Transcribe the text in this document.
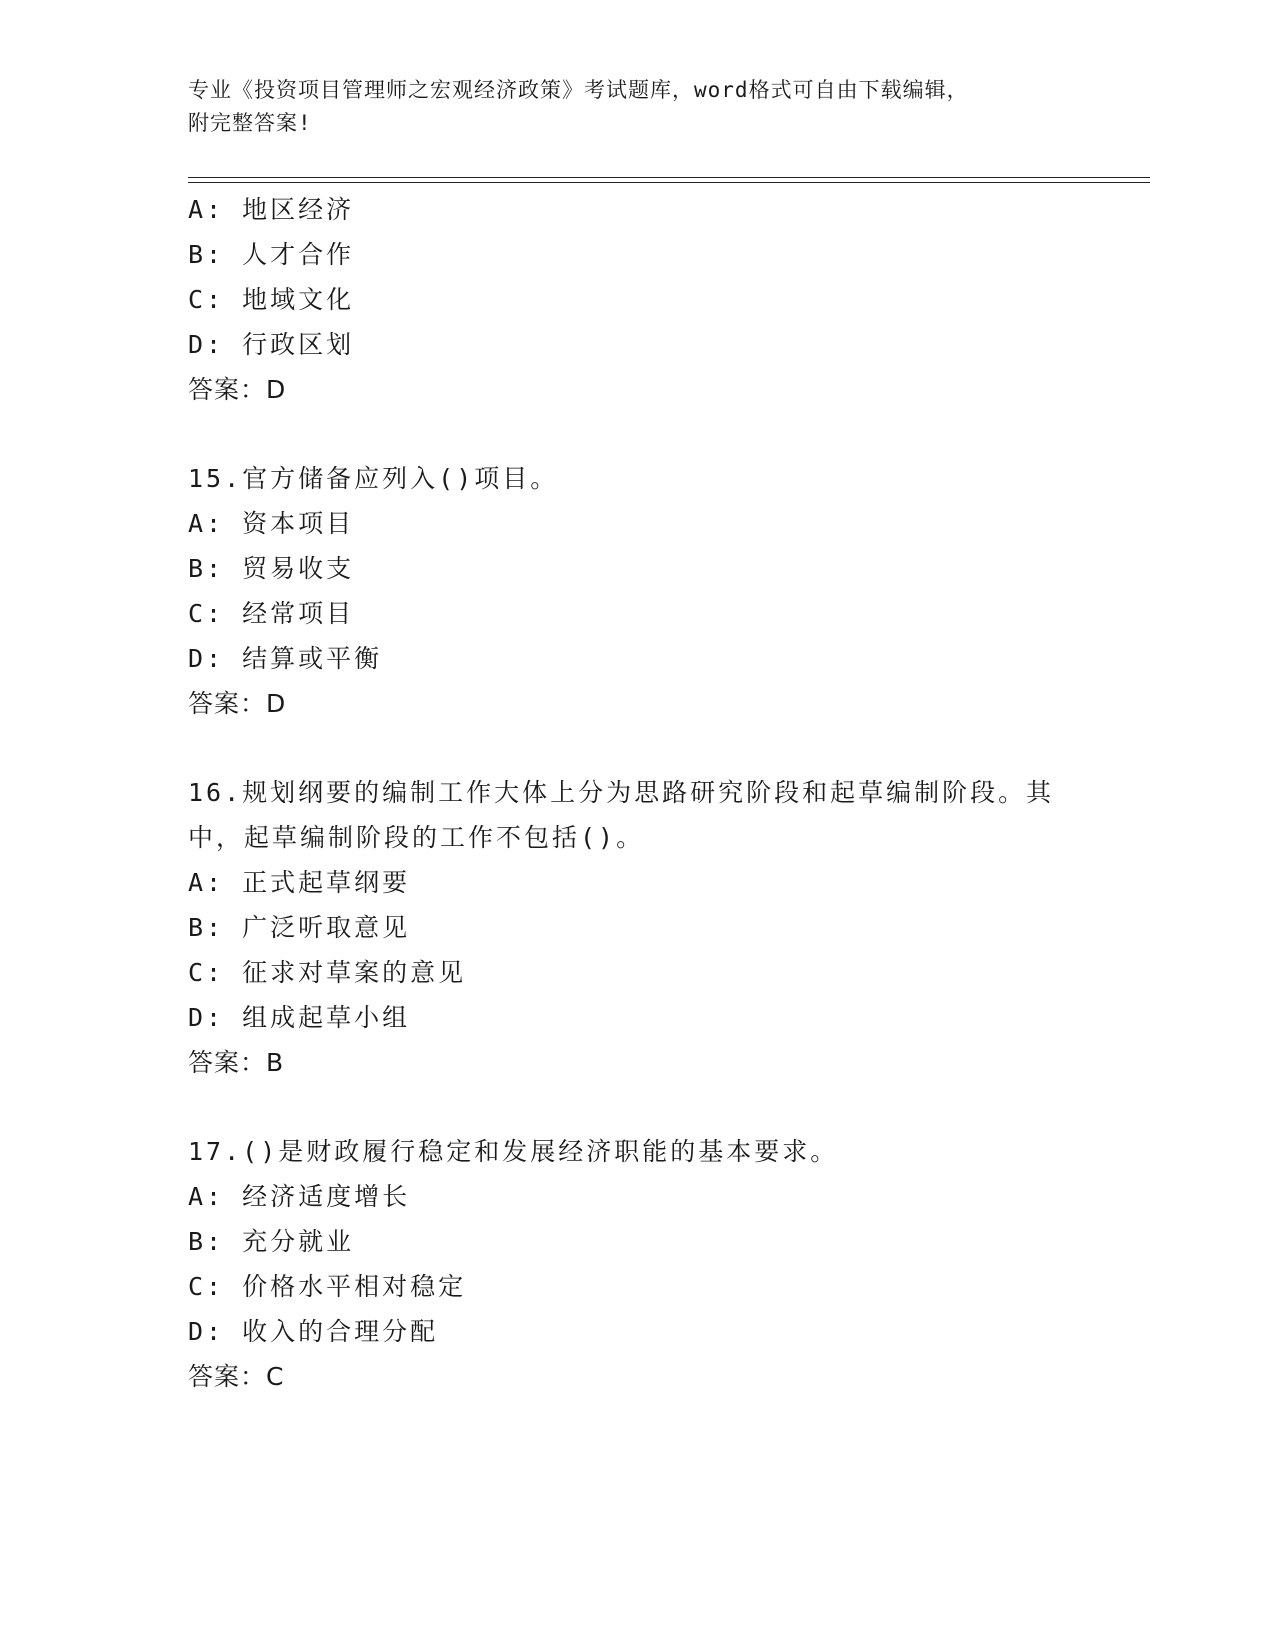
专业《投资项目管理师之宏观经济政策》考试题库，word格式可自由下载编辑，
附完整答案!
A: 地区经济
B: 人才合作
C: 地域文化
D: 行政区划
答案：D
15.官方储备应列入()项目。
A: 资本项目
B: 贸易收支
C: 经常项目
D: 结算或平衡
答案：D
16.规划纲要的编制工作大体上分为思路研究阶段和起草编制阶段。其
中，起草编制阶段的工作不包括()。
A: 正式起草纲要
B: 广泛听取意见
C: 征求对草案的意见
D: 组成起草小组
答案：B
17.()是财政履行稳定和发展经济职能的基本要求。
A: 经济适度增长
B: 充分就业
C: 价格水平相对稳定
D: 收入的合理分配
答案：C
